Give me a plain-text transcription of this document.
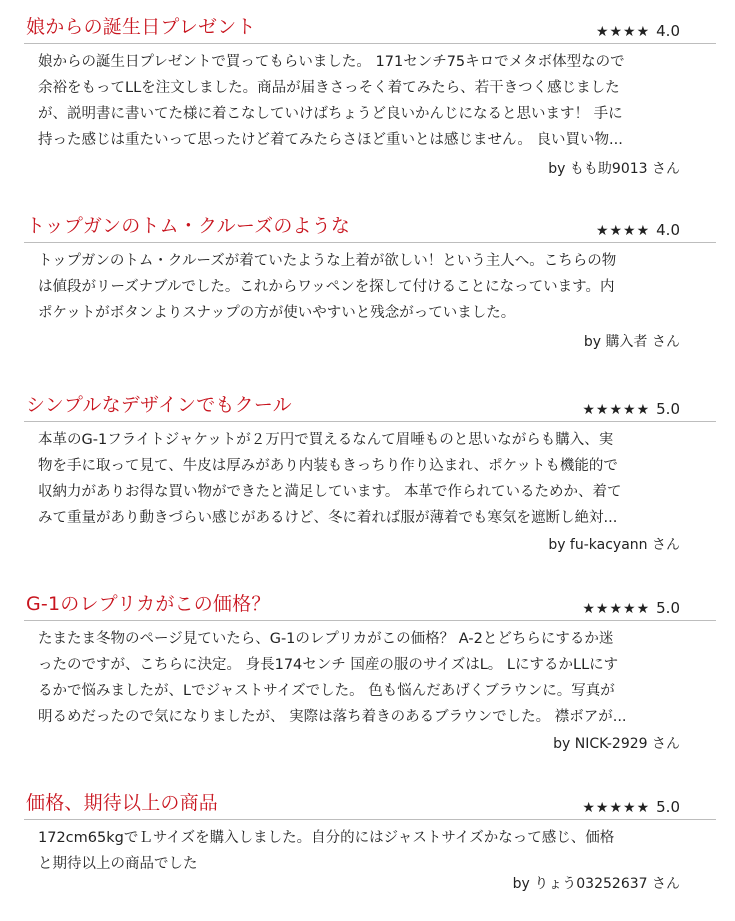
娘からの誕生日プレゼント	★★★★ 4.0
娘からの誕生日プレゼントで買ってもらいました。 171センチ75キロでメタボ体型なので
余裕をもってLLを注文しました。商品が届きさっそく着てみたら、若干きつく感じました
が、説明書に書いてた様に着こなしていけばちょうど良いかんじになると思います！ 手に
持った感じは重たいって思ったけど着てみたらさほど重いとは感じません。 良い買い物...
by もも助9013 さん
トップガンのトム・クルーズのような	★★★★ 4.0
トップガンのトム・クルーズが着ていたような上着が欲しい！という主人へ。こちらの物
は値段がリーズナブルでした。これからワッペンを探して付けることになっています。内
ポケットがボタンよりスナップの方が使いやすいと残念がっていました。
by 購入者 さん
シンプルなデザインでもクール	★★★★★ 5.0
本革のG-1フライトジャケットが２万円で買えるなんて眉唾ものと思いながらも購入、実
物を手に取って見て、牛皮は厚みがあり内装もきっちり作り込まれ、ポケットも機能的で
収納力がありお得な買い物ができたと満足しています。 本革で作られているためか、着て
みて重量があり動きづらい感じがあるけど、冬に着れば服が薄着でも寒気を遮断し絶対...
by fu-kacyann さん
G-1のレプリカがこの価格？	★★★★★ 5.0
たまたま冬物のページ見ていたら、G-1のレプリカがこの価格？ A-2とどちらにするか迷
ったのですが、こちらに決定。 身長174センチ 国産の服のサイズはL。 LにするかLLにす
るかで悩みましたが、Lでジャストサイズでした。 色も悩んだあげくブラウンに。写真が
明るめだったので気になりましたが、 実際は落ち着きのあるブラウンでした。 襟ボアが...
by NICK-2929 さん
価格、期待以上の商品	★★★★★ 5.0
172cm65kgでＬサイズを購入しました。自分的にはジャストサイズかなって感じ、価格
と期待以上の商品でした
by りょう03252637 さん
